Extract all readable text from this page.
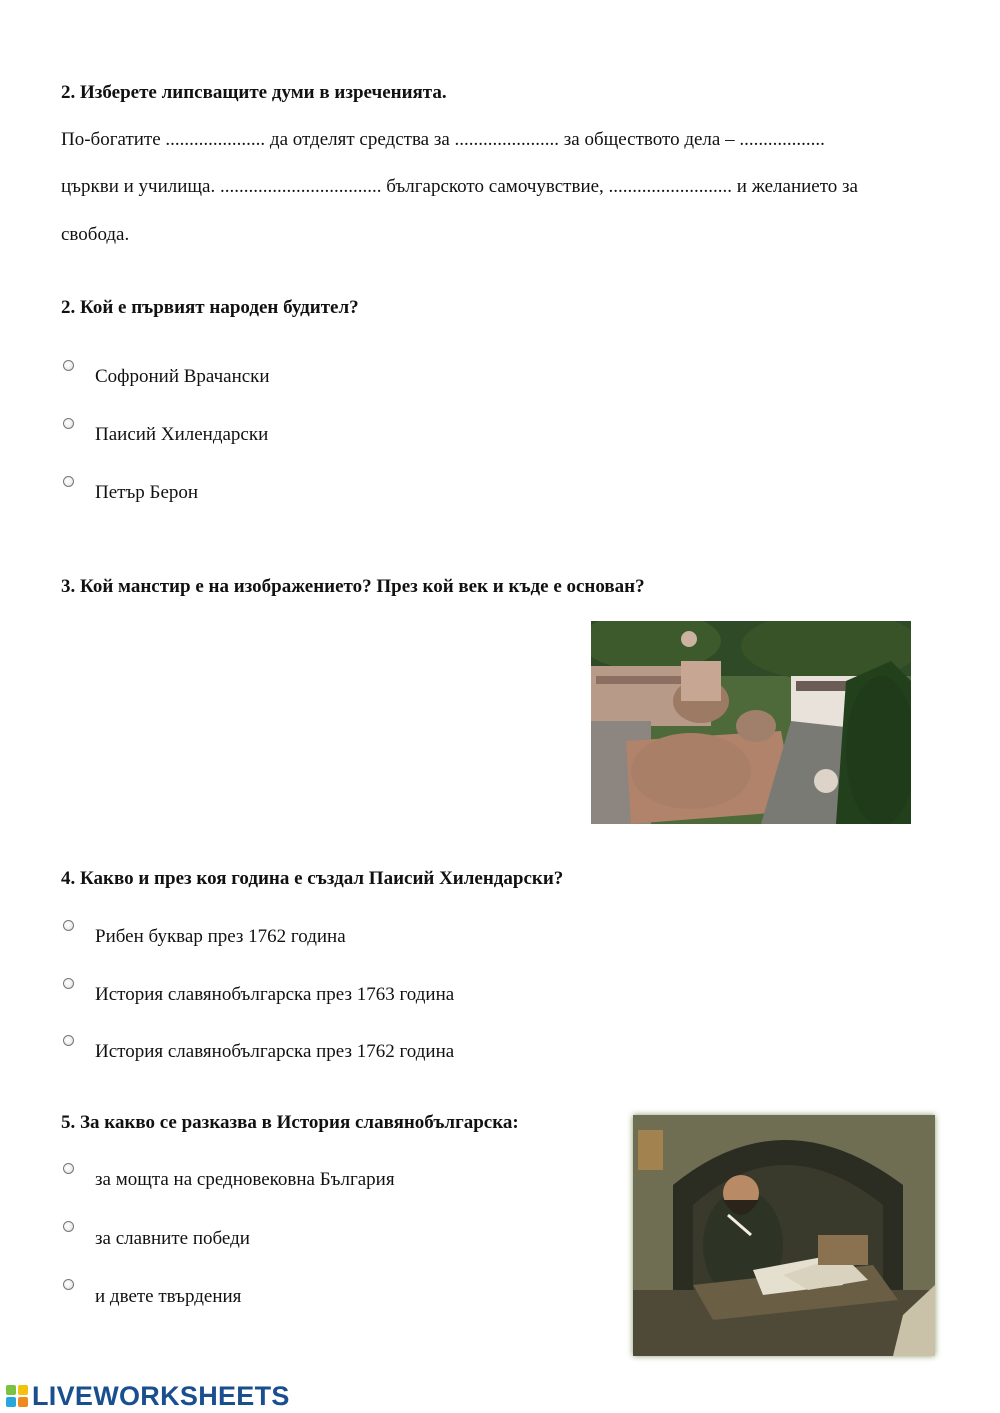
2. Изберете липсващите думи в изреченията.
По-богатите ..................... да отделят средства за ...................... за обществото дела – ..................
църкви и училища. .................................. българското самочувствие, .......................... и желанието за
свобода.
2. Кой е първият народен будител?
Софроний Врачански
Паисий Хилендарски
Петър Берон
3. Кой манстир е на изображението? През кой век и къде е основан?
4. Какво и през коя година е създал Паисий Хилендарски?
Рибен буквар през 1762 година
История славянобългарска през 1763 година
История славянобългарска през 1762 година
5. За какво се разказва в История славянобългарска:
за мощта на средновековна България
за славните победи
и двете твърдения
LIVEWORKSHEETS
